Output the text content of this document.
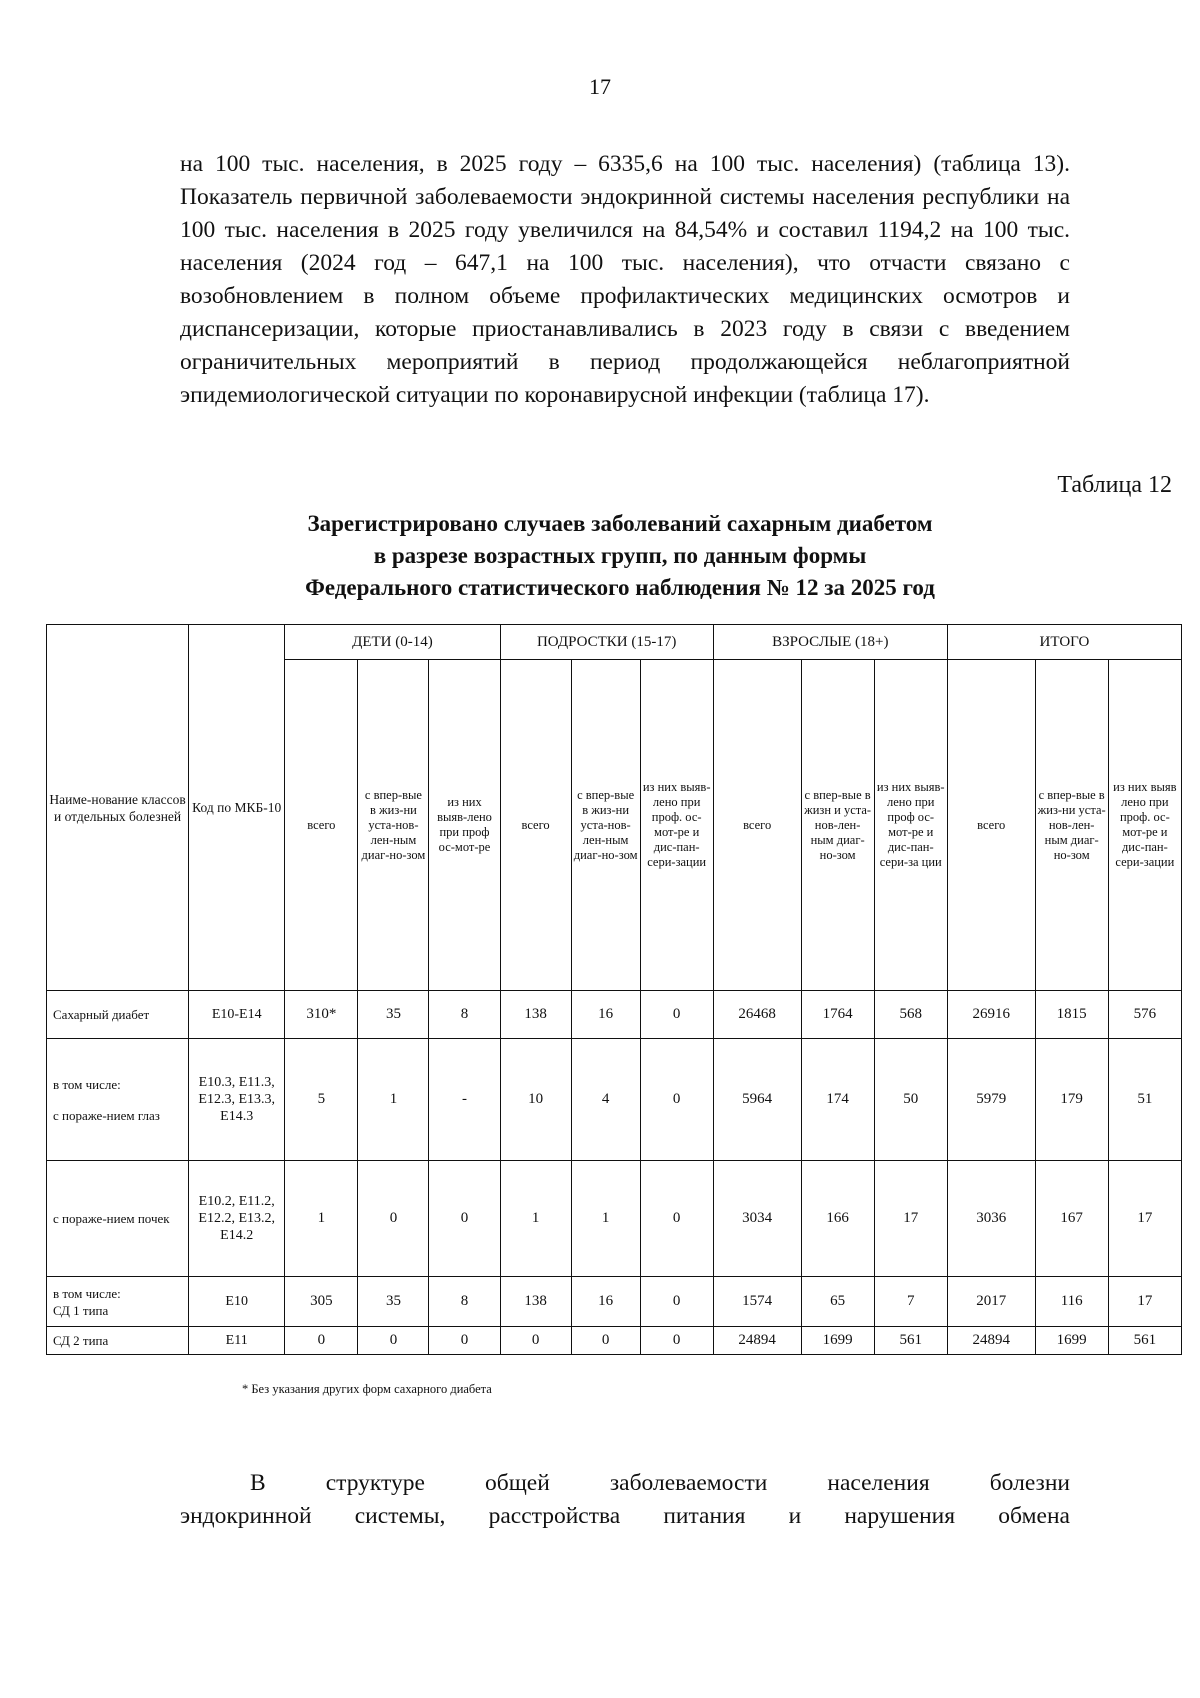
17

на 100 тыс. населения, в 2025 году – 6335,6 на 100 тыс. населения) (таблица 13). Показатель первичной заболеваемости эндокринной системы населения республики на 100 тыс. населения в 2025 году увеличился на 84,54% и составил 1194,2 на 100 тыс. населения (2024 год – 647,1 на 100 тыс. населения), что отчасти связано с возобновлением в полном объеме профилактических медицинских осмотров и диспансеризации, которые приостанавливались в 2023 году в связи с введением ограничительных мероприятий в период продолжающейся неблагоприятной эпидемиологической ситуации по коронавирусной инфекции (таблица 17).

Таблица 12
Зарегистрировано случаев заболеваний сахарным диабетом
в разрезе возрастных групп, по данным формы
Федерального статистического наблюдения № 12 за 2025 год
Наиме-нование классов и отдельных болезней	Код по МКБ-10	ДЕТИ (0-14)			ПОДРОСТКИ (15-17)			ВЗРОСЛЫЕ (18+)			ИТОГО		
		всего	с впер-вые в жиз-ни уста-нов-лен-ным диаг-но-зом	из них выяв-лено при проф ос-мот-ре	всего	с впер-вые в жиз-ни уста-нов-лен-ным диаг-но-зом	из них выяв-лено при проф. ос-мот-ре и дис-пан-сери-зации	всего	с впер-вые в жизн и уста-нов-лен-ным диаг-но-зом	из них выяв-лено при проф ос-мот-ре и дис-пан-сери-за ции	всего	с впер-вые в жиз-ни уста-нов-лен-ным диаг-но-зом	из них выяв лено при проф. ос-мот-ре и дис-пан-сери-зации
Сахарный диабет	E10-E14	310*	35	8	138	16	0	26468	1764	568	26916	1815	576
в том числе:
с пораже-нием глаз	E10.3, E11.3, E12.3, E13.3, E14.3	5	1	-	10	4	0	5964	174	50	5979	179	51
с пораже-нием почек	E10.2, E11.2, E12.2, E13.2, E14.2	1	0	0	1	1	0	3034	166	17	3036	167	17
в том числе:
СД 1 типа	E10	305	35	8	138	16	0	1574	65	7	2017	116	17
СД 2 типа	E11	0	0	0	0	0	0	24894	1699	561	24894	1699	561
* Без указания других форм сахарного диабета

В структуре общей заболеваемости населения болезни
эндокринной системы, расстройства питания и нарушения обмена
